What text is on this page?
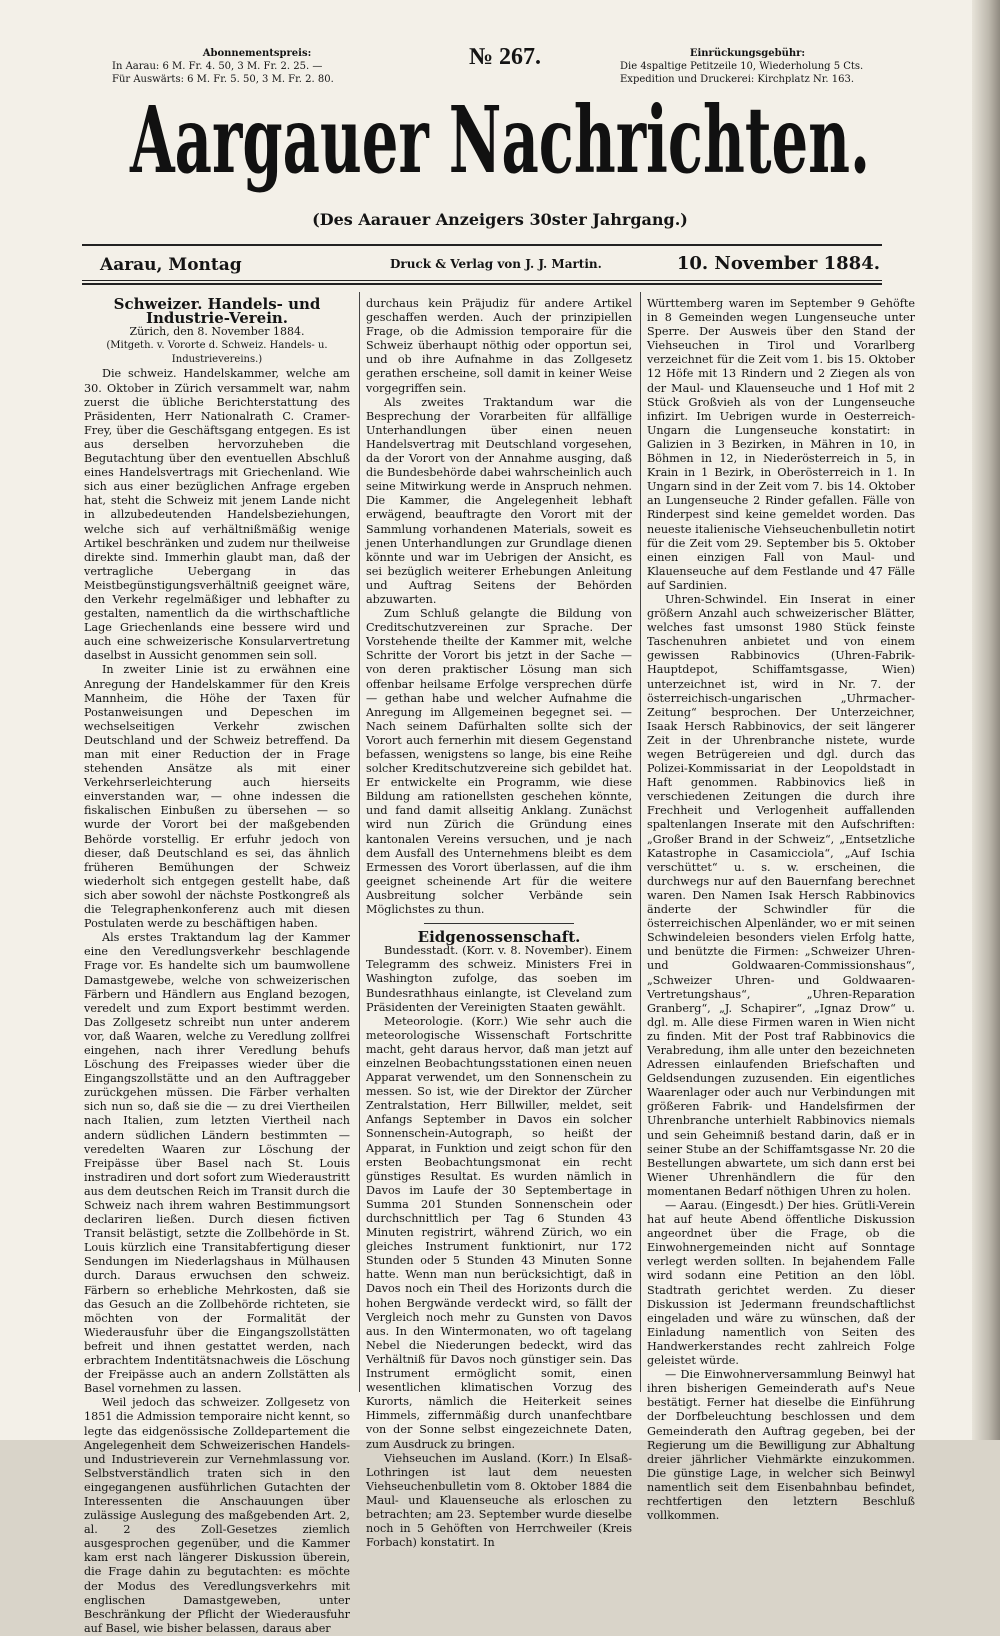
Abonnementspreis:
In Aarau: 6 M. Fr. 4. 50, 3 M. Fr. 2. 25. —
Für Auswärts: 6 M. Fr. 5. 50, 3 M. Fr. 2. 80.
№ 267.	Einrückungsgebühr:
Die 4spaltige Petitzeile 10, Wiederholung 5 Cts.
Expedition und Druckerei: Kirchplatz Nr. 163.
Aargauer Nachrichten.
(Des Aarauer Anzeigers 30ster Jahrgang.)
Aarau, Montag	Druck & Verlag von J. J. Martin.	10. November 1884.

Schweizer. Handels- und Industrie-Verein.

Zürich, den 8. November 1884.

(Mitgeth. v. Vororte d. Schweiz. Handels- u. Industrievereins.)

Die schweiz. Handelskammer, welche am 30. Oktober in Zürich versammelt war, nahm zuerst die übliche Berichterstattung des Präsidenten, Herr Nationalrath C. Cramer-Frey, über die Geschäftsgang entgegen. Es ist aus derselben hervorzuheben die Begutachtung über den eventuellen Abschluß eines Handelsvertrags mit Griechenland. Wie sich aus einer bezüglichen Anfrage ergeben hat, steht die Schweiz mit jenem Lande nicht in allzubedeutenden Handelsbeziehungen, welche sich auf verhältnißmäßig wenige Artikel beschränken und zudem nur theilweise direkte sind. Immerhin glaubt man, daß der vertragliche Uebergang in das Meistbegünstigungsverhältniß geeignet wäre, den Verkehr regelmäßiger und lebhafter zu gestalten, namentlich da die wirthschaftliche Lage Griechenlands eine bessere wird und auch eine schweizerische Konsularvertretung daselbst in Aussicht genommen sein soll.

In zweiter Linie ist zu erwähnen eine Anregung der Handelskammer für den Kreis Mannheim, die Höhe der Taxen für Postanweisungen und Depeschen im wechselseitigen Verkehr zwischen Deutschland und der Schweiz betreffend. Da man mit einer Reduction der in Frage stehenden Ansätze als mit einer Verkehrserleichterung auch hierseits einverstanden war, — ohne indessen die fiskalischen Einbußen zu übersehen — so wurde der Vorort bei der maßgebenden Behörde vorstellig. Er erfuhr jedoch von dieser, daß Deutschland es sei, das ähnlich früheren Bemühungen der Schweiz wiederholt sich entgegen gestellt habe, daß sich aber sowohl der nächste Postkongreß als die Telegraphenkonferenz auch mit diesen Postulaten werde zu beschäftigen haben.

Als erstes Traktandum lag der Kammer eine den Veredlungsverkehr beschlagende Frage vor. Es handelte sich um baumwollene Damastgewebe, welche von schweizerischen Färbern und Händlern aus England bezogen, veredelt und zum Export bestimmt werden. Das Zollgesetz schreibt nun unter anderem vor, daß Waaren, welche zu Veredlung zollfrei eingehen, nach ihrer Veredlung behufs Löschung des Freipasses wieder über die Eingangszollstätte und an den Auftraggeber zurückgehen müssen. Die Färber verhalten sich nun so, daß sie die — zu drei Viertheilen nach Italien, zum letzten Viertheil nach andern südlichen Ländern bestimmten — veredelten Waaren zur Löschung der Freipässe über Basel nach St. Louis instradiren und dort sofort zum Wiederaustritt aus dem deutschen Reich im Transit durch die Schweiz nach ihrem wahren Bestimmungsort declariren ließen. Durch diesen fictiven Transit belästigt, setzte die Zollbehörde in St. Louis kürzlich eine Transitabfertigung dieser Sendungen im Niederlagshaus in Mülhausen durch. Daraus erwuchsen den schweiz. Färbern so erhebliche Mehrkosten, daß sie das Gesuch an die Zollbehörde richteten, sie möchten von der Formalität der Wiederausfuhr über die Eingangszollstätten befreit und ihnen gestattet werden, nach erbrachtem Indentitätsnachweis die Löschung der Freipässe auch an andern Zollstätten als Basel vornehmen zu lassen.

Weil jedoch das schweizer. Zollgesetz von 1851 die Admission temporaire nicht kennt, so legte das eidgenössische Zolldepartement die Angelegenheit dem Schweizerischen Handels- und Industrieverein zur Vernehmlassung vor. Selbstverständlich traten sich in den eingegangenen ausführlichen Gutachten der Interessenten die Anschauungen über zulässige Auslegung des maßgebenden Art. 2, al. 2 des Zoll-Gesetzes ziemlich ausgesprochen gegenüber, und die Kammer kam erst nach längerer Diskussion überein, die Frage dahin zu begutachten: es möchte der Modus des Veredlungsverkehrs mit englischen Damastgeweben, unter Beschränkung der Pflicht der Wiederausfuhr auf Basel, wie bisher belassen, daraus aber

durchaus kein Präjudiz für andere Artikel geschaffen werden. Auch der prinzipiellen Frage, ob die Admission temporaire für die Schweiz überhaupt nöthig oder opportun sei, und ob ihre Aufnahme in das Zollgesetz gerathen erscheine, soll damit in keiner Weise vorgegriffen sein.

Als zweites Traktandum war die Besprechung der Vorarbeiten für allfällige Unterhandlungen über einen neuen Handelsvertrag mit Deutschland vorgesehen, da der Vorort von der Annahme ausging, daß die Bundesbehörde dabei wahrscheinlich auch seine Mitwirkung werde in Anspruch nehmen. Die Kammer, die Angelegenheit lebhaft erwägend, beauftragte den Vorort mit der Sammlung vorhandenen Materials, soweit es jenen Unterhandlungen zur Grundlage dienen könnte und war im Uebrigen der Ansicht, es sei bezüglich weiterer Erhebungen Anleitung und Auftrag Seitens der Behörden abzuwarten.

Zum Schluß gelangte die Bildung von Creditschutzvereinen zur Sprache. Der Vorstehende theilte der Kammer mit, welche Schritte der Vorort bis jetzt in der Sache — von deren praktischer Lösung man sich offenbar heilsame Erfolge versprechen dürfe — gethan habe und welcher Aufnahme die Anregung im Allgemeinen begegnet sei. — Nach seinem Dafürhalten sollte sich der Vorort auch fernerhin mit diesem Gegenstand befassen, wenigstens so lange, bis eine Reihe solcher Kreditschutzvereine sich gebildet hat. Er entwickelte ein Programm, wie diese Bildung am rationellsten geschehen könnte, und fand damit allseitig Anklang. Zunächst wird nun Zürich die Gründung eines kantonalen Vereins versuchen, und je nach dem Ausfall des Unternehmens bleibt es dem Ermessen des Vorort überlassen, auf die ihm geeignet scheinende Art für die weitere Ausbreitung solcher Verbände sein Möglichstes zu thun.

Eidgenossenschaft.

Bundesstadt. (Korr. v. 8. November). Einem Telegramm des schweiz. Ministers Frei in Washington zufolge, das soeben im Bundesrathhaus einlangte, ist Cleveland zum Präsidenten der Vereinigten Staaten gewählt.

Meteorologie. (Korr.) Wie sehr auch die meteorologische Wissenschaft Fortschritte macht, geht daraus hervor, daß man jetzt auf einzelnen Beobachtungsstationen einen neuen Apparat verwendet, um den Sonnenschein zu messen. So ist, wie der Direktor der Zürcher Zentralstation, Herr Billwiller, meldet, seit Anfangs September in Davos ein solcher Sonnenschein-Autograph, so heißt der Apparat, in Funktion und zeigt schon für den ersten Beobachtungsmonat ein recht günstiges Resultat. Es wurden nämlich in Davos im Laufe der 30 Septembertage in Summa 201 Stunden Sonnenschein oder durchschnittlich per Tag 6 Stunden 43 Minuten registrirt, während Zürich, wo ein gleiches Instrument funktionirt, nur 172 Stunden oder 5 Stunden 43 Minuten Sonne hatte. Wenn man nun berücksichtigt, daß in Davos noch ein Theil des Horizonts durch die hohen Bergwände verdeckt wird, so fällt der Vergleich noch mehr zu Gunsten von Davos aus. In den Wintermonaten, wo oft tagelang Nebel die Niederungen bedeckt, wird das Verhältniß für Davos noch günstiger sein. Das Instrument ermöglicht somit, einen wesentlichen klimatischen Vorzug des Kurorts, nämlich die Heiterkeit seines Himmels, ziffernmäßig durch unanfechtbare von der Sonne selbst eingezeichnete Daten, zum Ausdruck zu bringen.

Viehseuchen im Ausland. (Korr.) In Elsaß-Lothringen ist laut dem neuesten Viehseuchenbulletin vom 8. Oktober 1884 die Maul- und Klauenseuche als erloschen zu betrachten; am 23. September wurde dieselbe noch in 5 Gehöften von Herrchweiler (Kreis Forbach) konstatirt. In

Württemberg waren im September 9 Gehöfte in 8 Gemeinden wegen Lungenseuche unter Sperre. Der Ausweis über den Stand der Viehseuchen in Tirol und Vorarlberg verzeichnet für die Zeit vom 1. bis 15. Oktober 12 Höfe mit 13 Rindern und 2 Ziegen als von der Maul- und Klauenseuche und 1 Hof mit 2 Stück Großvieh als von der Lungenseuche infizirt. Im Uebrigen wurde in Oesterreich-Ungarn die Lungenseuche konstatirt: in Galizien in 3 Bezirken, in Mähren in 10, in Böhmen in 12, in Niederösterreich in 5, in Krain in 1 Bezirk, in Oberösterreich in 1. In Ungarn sind in der Zeit vom 7. bis 14. Oktober an Lungenseuche 2 Rinder gefallen. Fälle von Rinderpest sind keine gemeldet worden. Das neueste italienische Viehseuchenbulletin notirt für die Zeit vom 29. September bis 5. Oktober einen einzigen Fall von Maul- und Klauenseuche auf dem Festlande und 47 Fälle auf Sardinien.

Uhren-Schwindel. Ein Inserat in einer größern Anzahl auch schweizerischer Blätter, welches fast umsonst 1980 Stück feinste Taschenuhren anbietet und von einem gewissen Rabbinovics (Uhren-Fabrik-Hauptdepot, Schiffamtsgasse, Wien) unterzeichnet ist, wird in Nr. 7. der österreichisch-ungarischen „Uhrmacher-Zeitung“ besprochen. Der Unterzeichner, Isaak Hersch Rabbinovics, der seit längerer Zeit in der Uhrenbranche nistete, wurde wegen Betrügereien und dgl. durch das Polizei-Kommissariat in der Leopoldstadt in Haft genommen. Rabbinovics ließ in verschiedenen Zeitungen die durch ihre Frechheit und Verlogenheit auffallenden spaltenlangen Inserate mit den Aufschriften: „Großer Brand in der Schweiz“, „Entsetzliche Katastrophe in Casamicciola“, „Auf Ischia verschüttet“ u. s. w. erscheinen, die durchwegs nur auf den Bauernfang berechnet waren. Den Namen Isak Hersch Rabbinovics änderte der Schwindler für die österreichischen Alpenländer, wo er mit seinen Schwindeleien besonders vielen Erfolg hatte, und benützte die Firmen: „Schweizer Uhren- und Goldwaaren-Commissionshaus“, „Schweizer Uhren- und Goldwaaren-Vertretungshaus“, „Uhren-Reparation Granberg“, „J. Schapirer“, „Ignaz Drow“ u. dgl. m. Alle diese Firmen waren in Wien nicht zu finden. Mit der Post traf Rabbinovics die Verabredung, ihm alle unter den bezeichneten Adressen einlaufenden Briefschaften und Geldsendungen zuzusenden. Ein eigentliches Waarenlager oder auch nur Verbindungen mit größeren Fabrik- und Handelsfirmen der Uhrenbranche unterhielt Rabbinovics niemals und sein Geheimniß bestand darin, daß er in seiner Stube an der Schiffamtsgasse Nr. 20 die Bestellungen abwartete, um sich dann erst bei Wiener Uhrenhändlern die für den momentanen Bedarf nöthigen Uhren zu holen.

— Aarau. (Eingesdt.) Der hies. Grütli-Verein hat auf heute Abend öffentliche Diskussion angeordnet über die Frage, ob die Einwohnergemeinden nicht auf Sonntage verlegt werden sollten. In bejahendem Falle wird sodann eine Petition an den löbl. Stadtrath gerichtet werden. Zu dieser Diskussion ist Jedermann freundschaftlichst eingeladen und wäre zu wünschen, daß der Einladung namentlich von Seiten des Handwerkerstandes recht zahlreich Folge geleistet würde.

— Die Einwohnerversammlung Beinwyl hat ihren bisherigen Gemeinderath auf's Neue bestätigt. Ferner hat dieselbe die Einführung der Dorfbeleuchtung beschlossen und dem Gemeinderath den Auftrag gegeben, bei der Regierung um die Bewilligung zur Abhaltung dreier jährlicher Viehmärkte einzukommen. Die günstige Lage, in welcher sich Beinwyl namentlich seit dem Eisenbahnbau befindet, rechtfertigen den letztern Beschluß vollkommen.
